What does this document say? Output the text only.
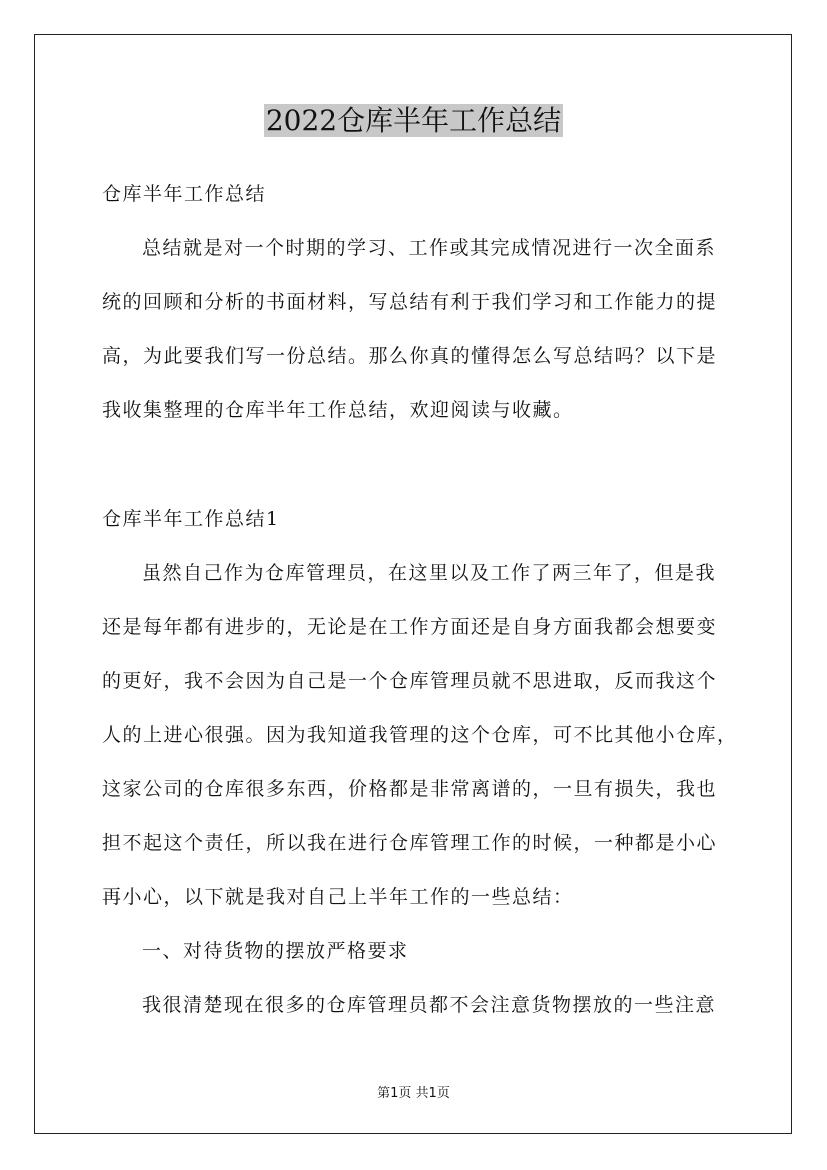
2022仓库半年工作总结
仓库半年工作总结
总结就是对一个时期的学习、工作或其完成情况进行一次全面系
统的回顾和分析的书面材料，写总结有利于我们学习和工作能力的提
高，为此要我们写一份总结。那么你真的懂得怎么写总结吗？以下是
我收集整理的仓库半年工作总结，欢迎阅读与收藏。
仓库半年工作总结1
虽然自己作为仓库管理员，在这里以及工作了两三年了，但是我
还是每年都有进步的，无论是在工作方面还是自身方面我都会想要变
的更好，我不会因为自己是一个仓库管理员就不思进取，反而我这个
人的上进心很强。因为我知道我管理的这个仓库，可不比其他小仓库，
这家公司的仓库很多东西，价格都是非常离谱的，一旦有损失，我也
担不起这个责任，所以我在进行仓库管理工作的时候，一种都是小心
再小心，以下就是我对自己上半年工作的一些总结：
一、对待货物的摆放严格要求
我很清楚现在很多的仓库管理员都不会注意货物摆放的一些注意
第1页 共1页
